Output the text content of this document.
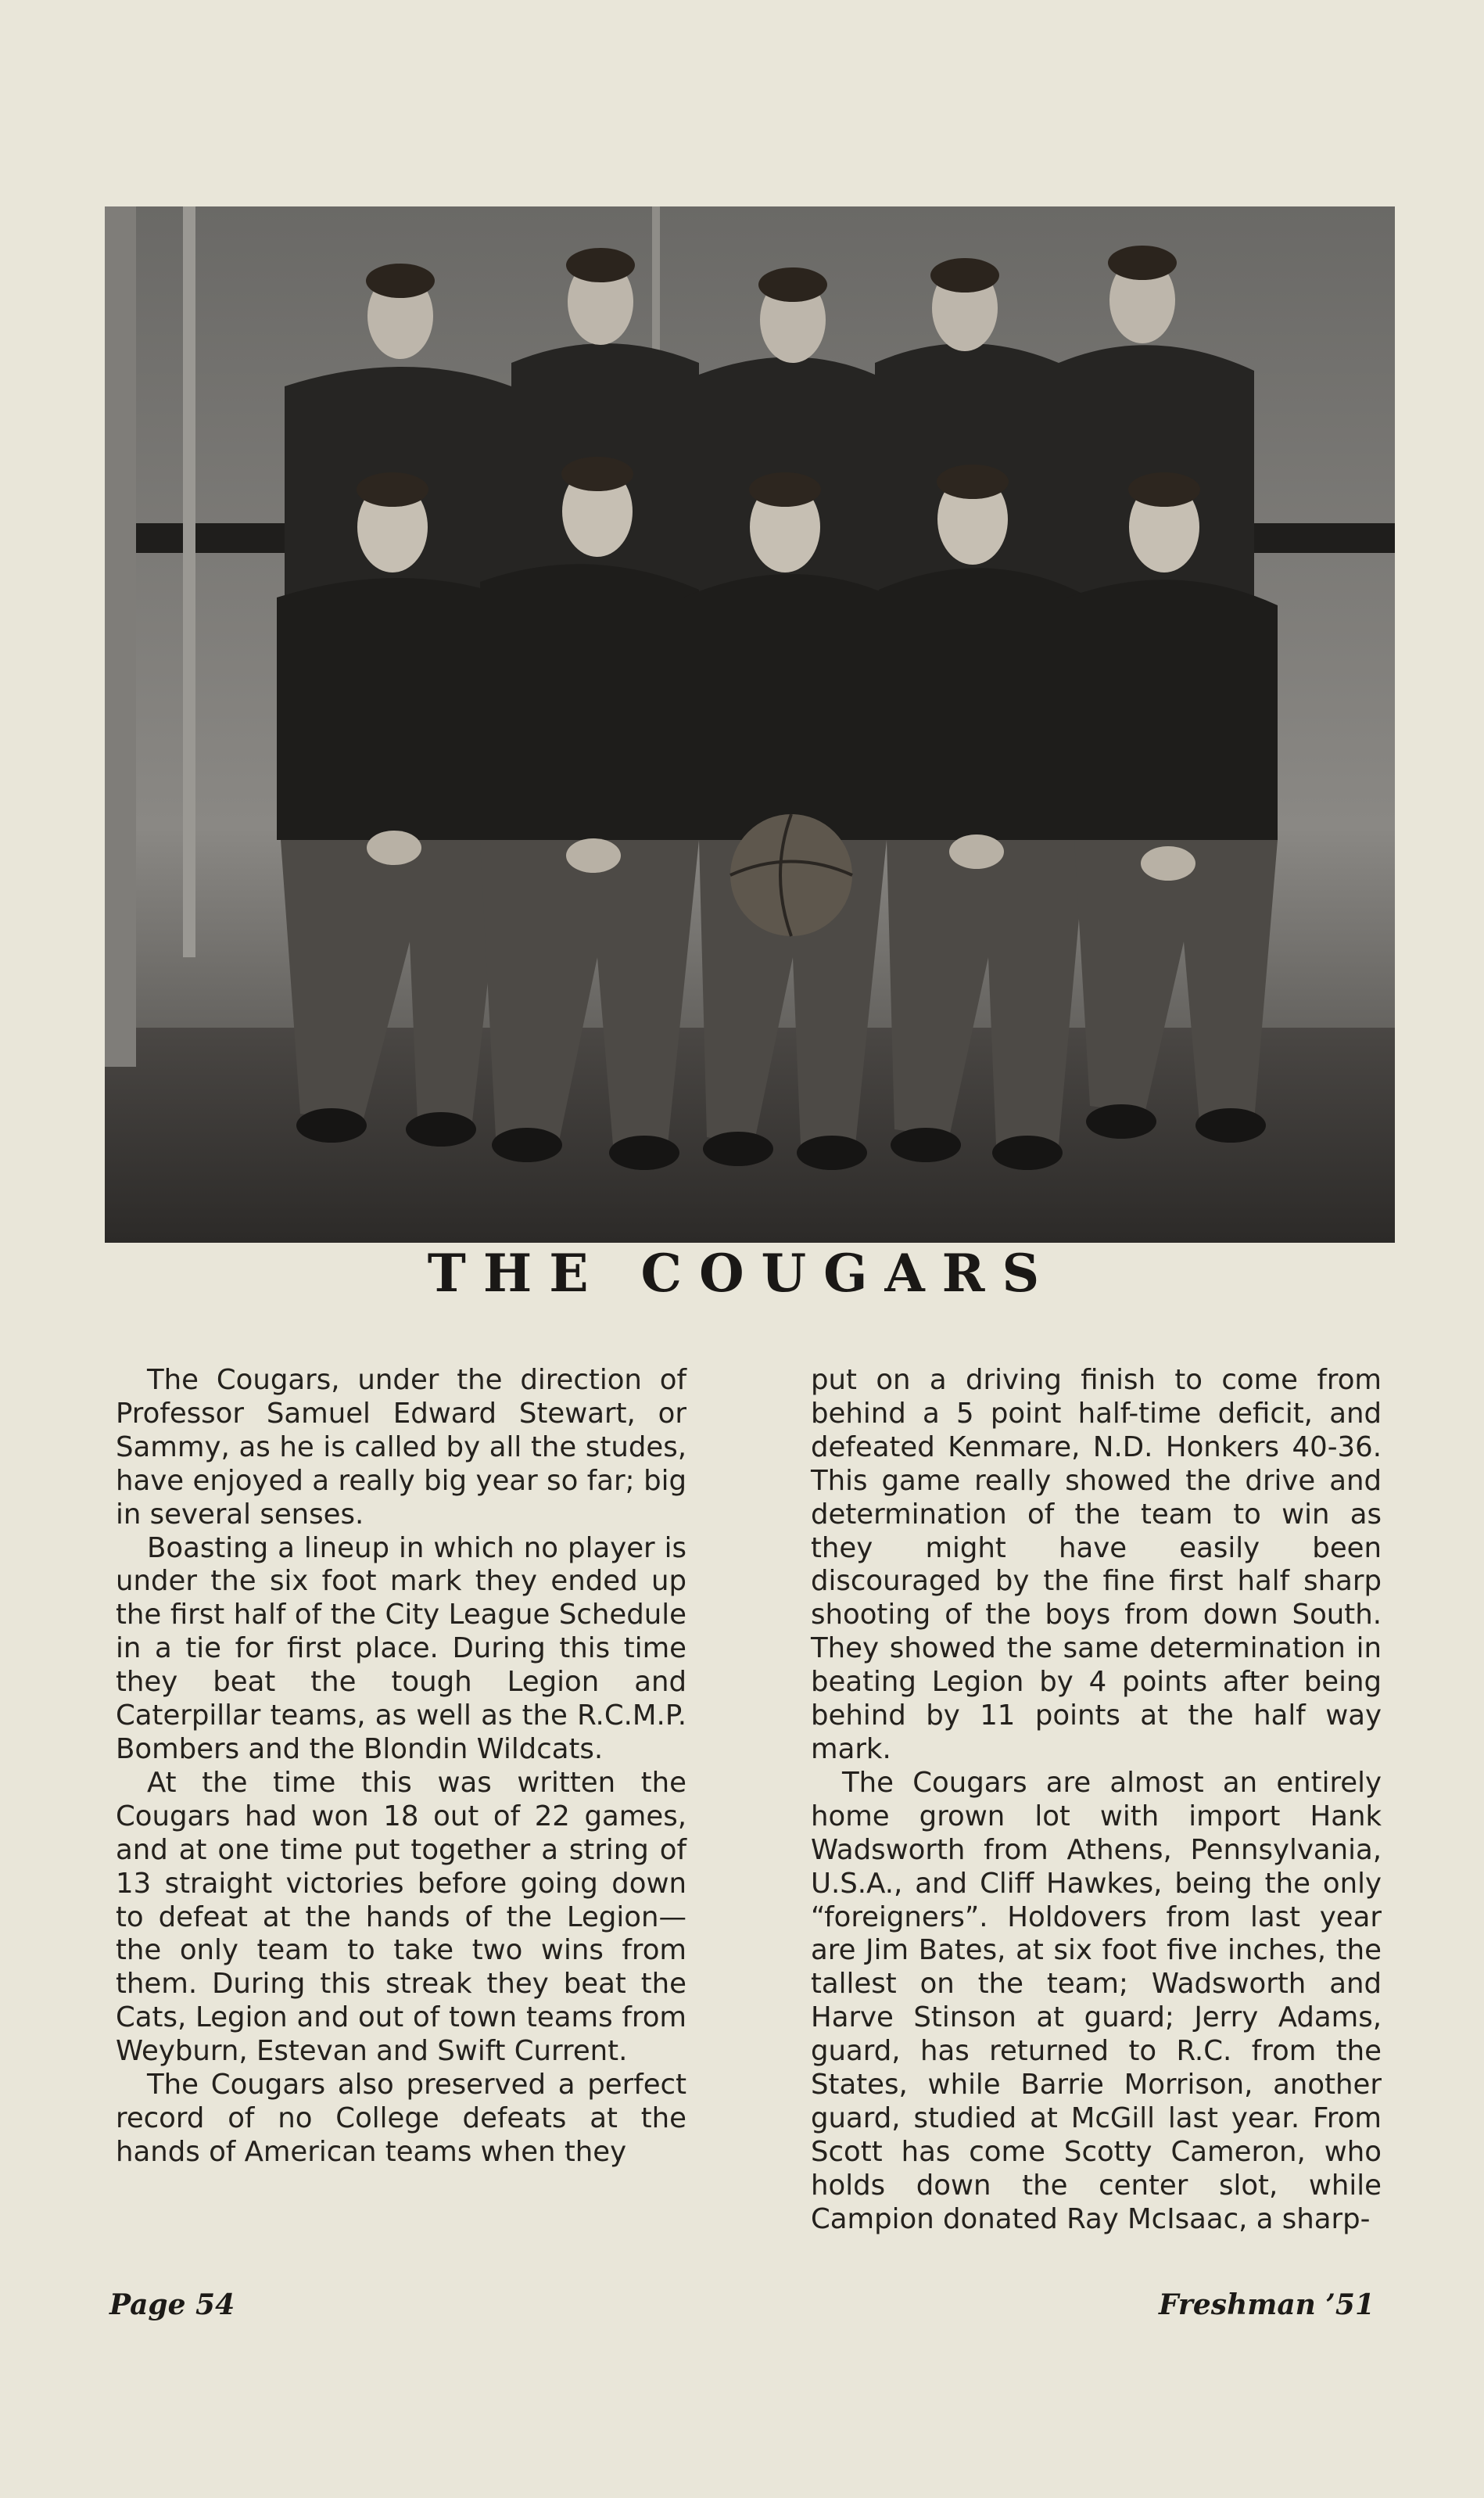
THE COUGARS

The Cougars, under the direction of Professor Samuel Edward Stewart, or Sammy, as he is called by all the studes, have enjoyed a really big year so far; big in several senses.

Boasting a lineup in which no player is under the six foot mark they ended up the first half of the City League Schedule in a tie for first place. During this time they beat the tough Legion and Caterpillar teams, as well as the R.C.M.P. Bombers and the Blondin Wildcats.

At the time this was written the Cougars had won 18 out of 22 games, and at one time put together a string of 13 straight victories before going down to defeat at the hands of the Legion—the only team to take two wins from them. During this streak they beat the Cats, Legion and out of town teams from Weyburn, Estevan and Swift Current.

The Cougars also preserved a perfect record of no College defeats at the hands of American teams when they

put on a driving finish to come from behind a 5 point half-time deficit, and defeated Kenmare, N.D. Honkers 40-36. This game really showed the drive and determination of the team to win as they might have easily been discouraged by the fine first half sharp shooting of the boys from down South. They showed the same determination in beating Legion by 4 points after being behind by 11 points at the half way mark.

The Cougars are almost an entirely home grown lot with import Hank Wadsworth from Athens, Pennsylvania, U.S.A., and Cliff Hawkes, being the only “foreigners”. Holdovers from last year are Jim Bates, at six foot five inches, the tallest on the team; Wadsworth and Harve Stinson at guard; Jerry Adams, guard, has returned to R.C. from the States, while Barrie Morrison, another guard, studied at McGill last year. From Scott has come Scotty Cameron, who holds down the center slot, while Campion donated Ray McIsaac, a sharp-

Page 54	Freshman ’51
